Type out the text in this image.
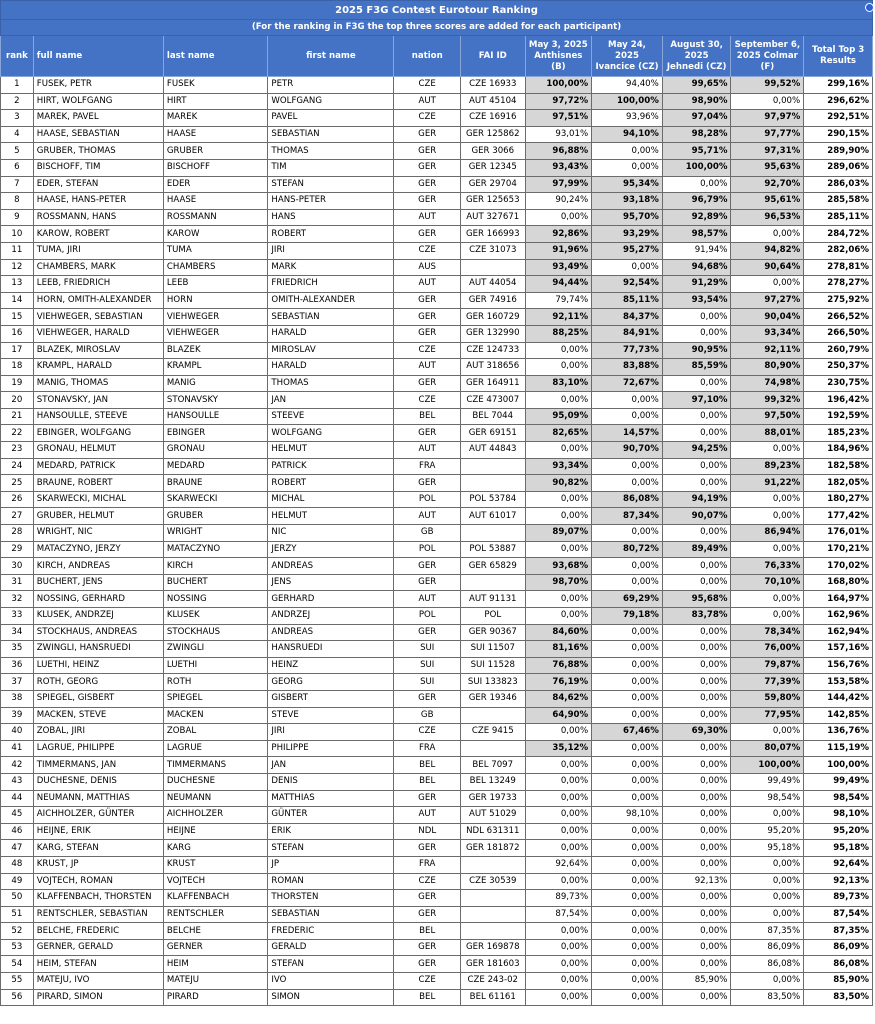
2025 F3G Contest Eurotour Ranking										
(For the ranking in F3G the top three scores are added for each participant)										
rank	full name	last name	first name	nation	FAI ID	May 3, 2025 Anthisnes (B)	May 24, 2025 Ivancice (CZ)	August 30, 2025 Jehnedi (CZ)	September 6, 2025 Colmar (F)	Total Top 3 Results
1	FUSEK, PETR	FUSEK	PETR	CZE	CZE 16933	100,00%	94,40%	99,65%	99,52%	299,16%
2	HIRT, WOLFGANG	HIRT	WOLFGANG	AUT	AUT 45104	97,72%	100,00%	98,90%	0,00%	296,62%
3	MAREK, PAVEL	MAREK	PAVEL	CZE	CZE 16916	97,51%	93,96%	97,04%	97,97%	292,51%
4	HAASE, SEBASTIAN	HAASE	SEBASTIAN	GER	GER 125862	93,01%	94,10%	98,28%	97,77%	290,15%
5	GRUBER, THOMAS	GRUBER	THOMAS	GER	GER 3066	96,88%	0,00%	95,71%	97,31%	289,90%
6	BISCHOFF, TIM	BISCHOFF	TIM	GER	GER 12345	93,43%	0,00%	100,00%	95,63%	289,06%
7	EDER, STEFAN	EDER	STEFAN	GER	GER 29704	97,99%	95,34%	0,00%	92,70%	286,03%
8	HAASE, HANS-PETER	HAASE	HANS-PETER	GER	GER 125653	90,24%	93,18%	96,79%	95,61%	285,58%
9	ROSSMANN, HANS	ROSSMANN	HANS	AUT	AUT 327671	0,00%	95,70%	92,89%	96,53%	285,11%
10	KAROW, ROBERT	KAROW	ROBERT	GER	GER 166993	92,86%	93,29%	98,57%	0,00%	284,72%
11	TUMA, JIRI	TUMA	JIRI	CZE	CZE 31073	91,96%	95,27%	91,94%	94,82%	282,06%
12	CHAMBERS, MARK	CHAMBERS	MARK	AUS		93,49%	0,00%	94,68%	90,64%	278,81%
13	LEEB, FRIEDRICH	LEEB	FRIEDRICH	AUT	AUT 44054	94,44%	92,54%	91,29%	0,00%	278,27%
14	HORN, OMITH-ALEXANDER	HORN	OMITH-ALEXANDER	GER	GER 74916	79,74%	85,11%	93,54%	97,27%	275,92%
15	VIEHWEGER, SEBASTIAN	VIEHWEGER	SEBASTIAN	GER	GER 160729	92,11%	84,37%	0,00%	90,04%	266,52%
16	VIEHWEGER, HARALD	VIEHWEGER	HARALD	GER	GER 132990	88,25%	84,91%	0,00%	93,34%	266,50%
17	BLAZEK, MIROSLAV	BLAZEK	MIROSLAV	CZE	CZE 124733	0,00%	77,73%	90,95%	92,11%	260,79%
18	KRAMPL, HARALD	KRAMPL	HARALD	AUT	AUT 318656	0,00%	83,88%	85,59%	80,90%	250,37%
19	MANIG, THOMAS	MANIG	THOMAS	GER	GER 164911	83,10%	72,67%	0,00%	74,98%	230,75%
20	STONAVSKY, JAN	STONAVSKY	JAN	CZE	CZE 473007	0,00%	0,00%	97,10%	99,32%	196,42%
21	HANSOULLE, STEEVE	HANSOULLE	STEEVE	BEL	BEL 7044	95,09%	0,00%	0,00%	97,50%	192,59%
22	EBINGER, WOLFGANG	EBINGER	WOLFGANG	GER	GER 69151	82,65%	14,57%	0,00%	88,01%	185,23%
23	GRONAU, HELMUT	GRONAU	HELMUT	AUT	AUT 44843	0,00%	90,70%	94,25%	0,00%	184,96%
24	MEDARD, PATRICK	MEDARD	PATRICK	FRA		93,34%	0,00%	0,00%	89,23%	182,58%
25	BRAUNE, ROBERT	BRAUNE	ROBERT	GER		90,82%	0,00%	0,00%	91,22%	182,05%
26	SKARWECKI, MICHAL	SKARWECKI	MICHAL	POL	POL 53784	0,00%	86,08%	94,19%	0,00%	180,27%
27	GRUBER, HELMUT	GRUBER	HELMUT	AUT	AUT 61017	0,00%	87,34%	90,07%	0,00%	177,42%
28	WRIGHT, NIC	WRIGHT	NIC	GB		89,07%	0,00%	0,00%	86,94%	176,01%
29	MATACZYNO, JERZY	MATACZYNO	JERZY	POL	POL 53887	0,00%	80,72%	89,49%	0,00%	170,21%
30	KIRCH, ANDREAS	KIRCH	ANDREAS	GER	GER 65829	93,68%	0,00%	0,00%	76,33%	170,02%
31	BUCHERT, JENS	BUCHERT	JENS	GER		98,70%	0,00%	0,00%	70,10%	168,80%
32	NOSSING, GERHARD	NOSSING	GERHARD	AUT	AUT 91131	0,00%	69,29%	95,68%	0,00%	164,97%
33	KLUSEK, ANDRZEJ	KLUSEK	ANDRZEJ	POL	POL	0,00%	79,18%	83,78%	0,00%	162,96%
34	STOCKHAUS, ANDREAS	STOCKHAUS	ANDREAS	GER	GER 90367	84,60%	0,00%	0,00%	78,34%	162,94%
35	ZWINGLI, HANSRUEDI	ZWINGLI	HANSRUEDI	SUI	SUI 11507	81,16%	0,00%	0,00%	76,00%	157,16%
36	LUETHI, HEINZ	LUETHI	HEINZ	SUI	SUI 11528	76,88%	0,00%	0,00%	79,87%	156,76%
37	ROTH, GEORG	ROTH	GEORG	SUI	SUI 133823	76,19%	0,00%	0,00%	77,39%	153,58%
38	SPIEGEL, GISBERT	SPIEGEL	GISBERT	GER	GER 19346	84,62%	0,00%	0,00%	59,80%	144,42%
39	MACKEN, STEVE	MACKEN	STEVE	GB		64,90%	0,00%	0,00%	77,95%	142,85%
40	ZOBAL, JIRI	ZOBAL	JIRI	CZE	CZE 9415	0,00%	67,46%	69,30%	0,00%	136,76%
41	LAGRUE, PHILIPPE	LAGRUE	PHILIPPE	FRA		35,12%	0,00%	0,00%	80,07%	115,19%
42	TIMMERMANS, JAN	TIMMERMANS	JAN	BEL	BEL 7097	0,00%	0,00%	0,00%	100,00%	100,00%
43	DUCHESNE, DENIS	DUCHESNE	DENIS	BEL	BEL 13249	0,00%	0,00%	0,00%	99,49%	99,49%
44	NEUMANN, MATTHIAS	NEUMANN	MATTHIAS	GER	GER 19733	0,00%	0,00%	0,00%	98,54%	98,54%
45	AICHHOLZER, GÜNTER	AICHHOLZER	GÜNTER	AUT	AUT 51029	0,00%	98,10%	0,00%	0,00%	98,10%
46	HEIJNE, ERIK	HEIJNE	ERIK	NDL	NDL 631311	0,00%	0,00%	0,00%	95,20%	95,20%
47	KARG, STEFAN	KARG	STEFAN	GER	GER 181872	0,00%	0,00%	0,00%	95,18%	95,18%
48	KRUST, JP	KRUST	JP	FRA		92,64%	0,00%	0,00%	0,00%	92,64%
49	VOJTECH, ROMAN	VOJTECH	ROMAN	CZE	CZE 30539	0,00%	0,00%	92,13%	0,00%	92,13%
50	KLAFFENBACH, THORSTEN	KLAFFENBACH	THORSTEN	GER		89,73%	0,00%	0,00%	0,00%	89,73%
51	RENTSCHLER, SEBASTIAN	RENTSCHLER	SEBASTIAN	GER		87,54%	0,00%	0,00%	0,00%	87,54%
52	BELCHE, FREDERIC	BELCHE	FREDERIC	BEL		0,00%	0,00%	0,00%	87,35%	87,35%
53	GERNER, GERALD	GERNER	GERALD	GER	GER 169878	0,00%	0,00%	0,00%	86,09%	86,09%
54	HEIM, STEFAN	HEIM	STEFAN	GER	GER 181603	0,00%	0,00%	0,00%	86,08%	86,08%
55	MATEJU, IVO	MATEJU	IVO	CZE	CZE 243-02	0,00%	0,00%	85,90%	0,00%	85,90%
56	PIRARD, SIMON	PIRARD	SIMON	BEL	BEL 61161	0,00%	0,00%	0,00%	83,50%	83,50%
